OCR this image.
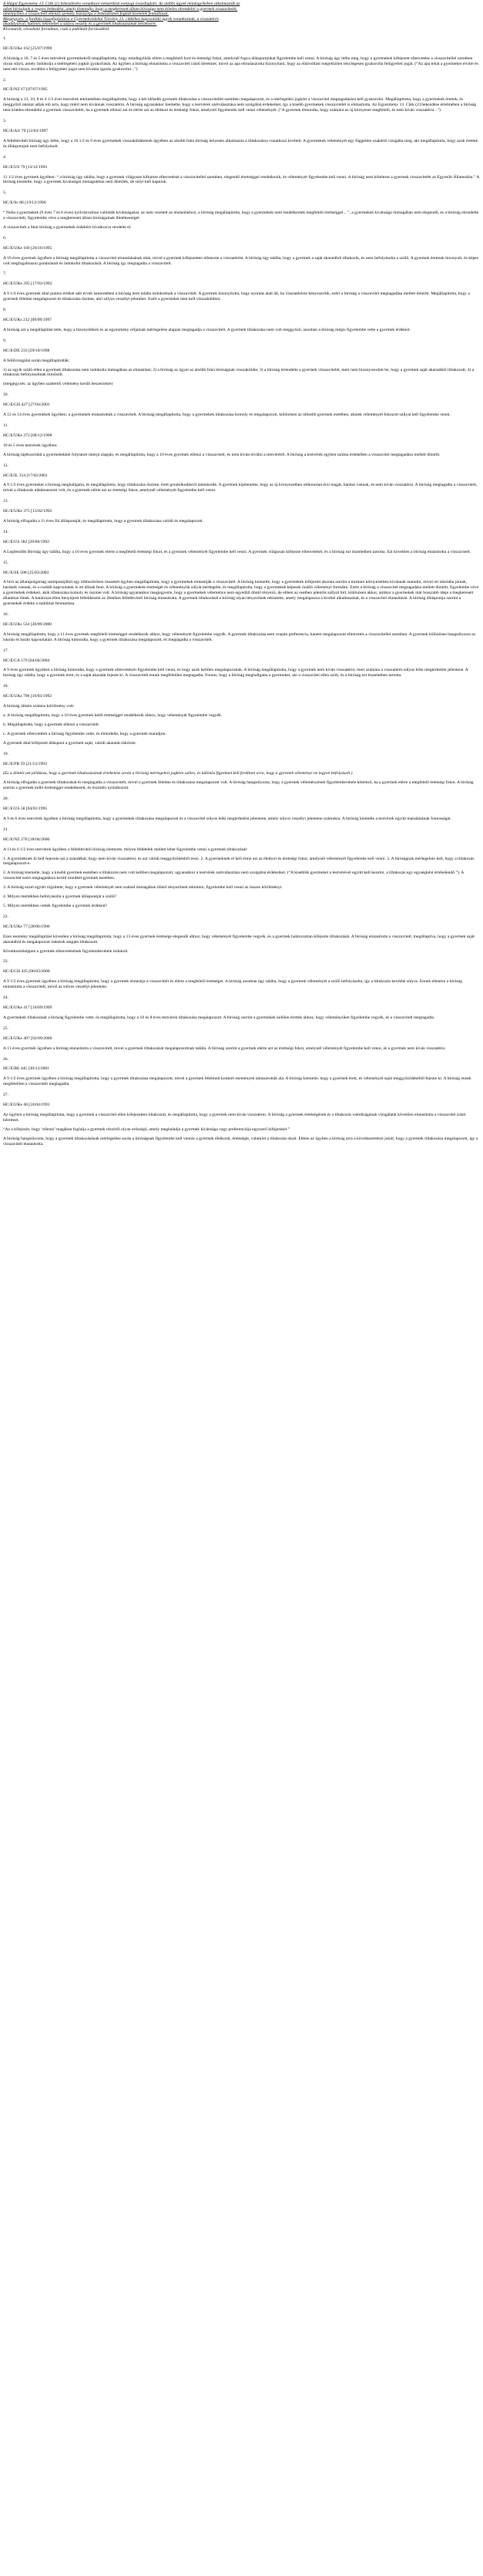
A Hágai Egyezmény 13. Cikk (1) bekezdésére vonatkozó nemzetközi esetjogi összefoglaló. Az alábbi ügyek mindegyikében alkalmazták az
adott bíróságok a vegyes bekezdést, amely kimondja, hogy a megkeresett állam bírósága nem köteles elrendelni a gyermek visszavitelét,
amennyiben a visszavitelt ellenző személy bizonyítja a bekezdésben foglalt kivételek fennállását.
Megjegyzés: a fordítás összefoglalóira a Gyermekvédelmi Törvény 13. cikkéhez kapcsolódó ügyek vonatkoznak, a visszatérés
akadályaival, különös tekintettel a súlyos veszély és a gyermek tiltakozásának kérdéseire.
Kivonatolt, olvasható formában, csak a publikált forrásokból.
1.
HC/E/UKe 162 [25/07/1990
A bíróság a 10, 7 és 5 éves testvérek gyermekekről megállapította, hogy mindegyikük elérte a megfelelő kort és érettségi fokot, amelynél fogva álláspontjukat figyelembe kell venni. A bíróság úgy ítélte meg, hogy a gyermekek kifejezett ellenvetése a visszavitellel szemben olyan súlyú, amely indokolja a mérlegelési jogkör gyakorlását. Az ügyben a bíróság elutasította a visszavitel iránti kérelmet, mivel az apa elmulasztotta bizonyítani, hogy az eltávolítást megelőzően ténylegesen gyakorolta felügyeleti jogát. (“Az apa tehát a gyermeket elvitte és nem tért vissza, továbbá a felügyeleti jogot sem kívánta igazán gyakorolni...”)
2.
HC/E/NZ 67 [07/07/1995
A bíróság a 13, 10, 8 és 4 1/2 éves testvérek tekintetében megállapította, hogy a két idősebb gyermek tiltakozása a visszavitellel szemben megalapozott, és a mérlegelési jogkört a visszavitel megtagadására kell gyakorolni. Megállapította, hogy a gyermekek érettek, és meggyőző okokat adtak elő arra, hogy miért nem kívánnak visszatérni. A bíróság ugyanakkor kiemelte, hogy a testvérek szétválasztása nem szolgálná érdekeiket, így a kisebb gyermekek visszavitelét is elutasította. Az Egyezmény 13. Cikk (2) bekezdése értelmében a bíróság nem köteles elrendelni a gyermek visszavitelét, ha a gyermek ellenzi azt és elérte azt az életkort és érettségi fokot, amelynél figyelembe kell venni véleményét. (“A gyermek elmondta, hogy számára az új környezet megfelelő, és nem kíván visszatérni...”)
3.
HC/E/AU 70 [12/03/1997
A fellebbviteli bíróság úgy ítélte, hogy a 10 1/2 és 9 éves gyermekek visszaküldésének ügyében az alsóbb fokú bíróság helyesen alkalmazta a tiltakozásra vonatkozó kivételt. A gyermekek véleményét egy független szakértő vizsgálta meg, aki megállapította, hogy azok érettek és álláspontjuk nem befolyásolt.
4.
HC/E/US 79 [13/12/1993
11 1/2 éves gyermek ügyében: “ a bíróság úgy találta, hogy a gyermek világosan kifejezte ellenvetését a visszavitellel szemben, elegendő érettséggel rendelkezik, és véleményét figyelembe kell venni. A bíróság nem kötelezte a gyermek visszavitelét az Egyesült Államokba.” A bíróság kiemelte, hogy a gyermek kívánságai önmagukban nem döntőek, de súlyt kell kapniuk.
5.
HC/E/Sc 86 [19/12/1996
“ Noha a gyermekek (9 éves 7 és 6 éves) nyilvánvalóan vallották kívánságukat, az nem vezetett az elutasításhoz, a bíróság megállapította, hogy a gyermekek nem rendelkeztek megfelelő érettséggel... ”, a gyermekek kívánsága önmagában nem elegendő, és a bíróság elrendelte a visszavitelt, figyelembe véve a megkeresett állam bíróságainak illetékességét.
A visszavitelt a Skót bíróság a gyermekek érdekére hivatkozva rendelte el.
6.
HC/E/UKe 166 [26/10/1995
A 10 éves gyermek ügyében a bíróság megállapította a visszavitel elutasításának okát, mivel a gyermek kifejezetten ellenezte a visszatérést. A bíróság úgy találta, hogy a gyermek a saját akaratából tiltakozik, és nem befolyásolta a szülő. A gyermek érettnek bizonyult, és képes volt megfogalmazni gondolatait és indokolni tiltakozását. A bíróság így megtagadta a visszavitelt.
7.
HC/E/UKe 295 [17/03/1992
A 9 1/4 éves gyermek által pontos értéket adó érvek ismeretében a bíróság nem találta indokoltnak a visszavitelt. A gyermek bizonyította, hogy nyomás alatt áll, ha visszatérésre kényszerítik, ezért a bíróság a visszavitel megtagadása mellett döntött. Megállapította, hogy a gyermek félelme megalapozott és tiltakozása őszinte, ami súlyos veszélyt jelenthet. Ezért a gyermeket nem kell visszaküldeni.
8.
HC/E/UKs 212 [09/09/1997
A bíróság azt a megállapítást tette, hogy a bizonyítékok és az egyezmény céljainak mérlegelése alapján megtagadja a visszavitelt. A gyermek tiltakozása nem volt meggyőző, azonban a bíróság mégis figyelembe vette a gyermek érdekeit.
9.
HC/E/DE 233 [29/10/1998
A felülvizsgálat során megállapították:
1) az egyik szülő ellen a gyermek tiltakozása nem indokolta önmagában az elutasítást; 2) a bíróság az ügyet az alsóbb fokú bíróságnak visszaküldte; 3) a bíróság elrendelte a gyermek visszavitelét, mert nem bizonyosodott be, hogy a gyermek saját akaratából tiltakozott; 4) a tiltakozás befolyásoltnak minősült.
(megjegyzés: az ügyben szakértői vélemény került beszerzésre)
10.
HC/E/CH 427 [27/04/2001
A 12 és 14 éves gyermekek ügyében: a gyermekek elutasították a visszavitelt. A bíróság megállapította, hogy a gyermekek tiltakozása komoly és megalapozott, különösen az idősebb gyermek esetében, akinek véleményét fokozott súllyal kell figyelembe venni.
11.
HC/E/UKe 272 [08/12/1998
10 és 5 éves testvérek ügyében:
A bíróság tájékozódott a gyermekekkel folytatott interjú alapján, és megállapította, hogy a 10 éves gyermek ellenzi a visszavitelt, és nem kíván elválni a testvérétől. A bíróság a testvérek egyben tartása érdekében a visszavitel megtagadása mellett döntött.
12.
HC/E/IL 314 [17/02/2001
A 9 1/2 éves gyermeket a bíróság meghallgatta, és megállapította, hogy tiltakozása őszinte, érett gondolkodásról tanúskodik. A gyermek kijelentette, hogy az új környezetben otthonosan érzi magát, barátai vannak, és nem kíván visszatérni. A bíróság megtagadta a visszavitelt, mivel a tiltakozás alátámasztott volt, és a gyermek elérte azt az érettségi fokot, amelynél véleményét figyelembe kell venni.
13.
HC/E/UKe 375 [15/02/1992
A bíróság elfogadta a 11 éves fiú álláspontját, és megállapította, hogy a gyermek tiltakozása valódi és megalapozott.
14.
HC/E/US 382 [29/06/1992
A Legfelsőbb Bíróság úgy találta, hogy a 10 éves gyermek elérte a megfelelő érettségi fokot, és a gyermek véleményét figyelembe kell venni. A gyermek világosan kifejezte ellenvetését, és a bíróság ezt tiszteletben tartotta. Ezt követően a bíróság elutasította a visszavitelt.
15.
HC/E/SE 508 [25/03/2003
A bíró az állampolgárság szempontjából egy többszörösen összetett ügyben megállapította, hogy a gyermekek elutasítják a visszavitelt. A bíróság kiemelte, hogy a gyermekek kifejezett akarata szerint a mostani környezetben kívánnak maradni, mivel ott iskolába járnak, barátaik vannak, és a családi kapcsolatok is ott állnak fenn. A bíróság a gyermekek érettségét és véleményük súlyát mérlegelte, és megállapította, hogy a gyermekek képesek önálló véleményt formálni. Ezért a bíróság a visszavitel megtagadása mellett döntött, figyelembe véve a gyermekek érdekeit, akik tiltakozása komoly és őszinte volt. A bíróság ugyanakkor megjegyezte, hogy a gyermekek véleménye nem egyedüli döntő tényező, de ebben az esetben jelentős súllyal bírt, különösen akkor, amikor a gyermekek már hosszabb ideje a megkeresett államban élnek. A határozat ellen benyújtott fellebbezést az illetékes fellebbviteli bíróság elutasította. A gyermek tiltakozását a bíróság olyan tényezőnek tekintette, amely megalapozza a kivétel alkalmazását, és a visszavitel elutasítását. A bíróság álláspontja szerint a gyermekek érdeke a stabilitás fenntartása.
16.
HC/E/UKs 534 [28/09/2000
A bíróság megállapította, hogy a 11 éves gyermek megfelelő érettséggel rendelkezik ahhoz, hogy véleményét figyelembe vegyék. A gyermek tiltakozása nem csupán preferencia, hanem megalapozott ellenvetés a visszavitellel szemben. A gyermek különösen hangsúlyozta az iskolai és baráti kapcsolatait. A bíróság kimondta, hogy a gyermek tiltakozása megalapozott, és megtagadta a visszavitelt.
17.
HC/E/CA 579 [04/04/2004
A 9 éves gyermek ügyében a bíróság kimondta, hogy a gyermek ellenvetéseit figyelembe kell venni, és hogy azok kellően megalapozottak. A bíróság megállapította, hogy a gyermek nem kíván visszatérni, mert számára a visszatérés súlyos lelki megterhelést jelentene. A bíróság úgy találta, hogy a gyermek érett, és a saját akaratát fejezte ki. A visszavitelt ennek megfelelően megtagadta. Fontos, hogy a bíróság meghallgatta a gyermeket, aki a visszavitel ellen szólt, és a bíróság ezt tiszteletben tartotta.
18.
HC/E/UKs 798 [19/03/1992
A bíróság ülésén számos körülmény volt:
a. A bíróság megállapította, hogy a 10 éves gyermek kellő érettséggel rendelkezik ahhoz, hogy véleményét figyelembe vegyék.
b. Megállapította, hogy a gyermek ellenzi a visszavitelt.
c. A gyermek ellenvetését a bíróság figyelembe vette, és elrendelte, hogy a gyermek maradjon.
A gyermek által kifejezett álláspont a gyermek saját, valódi akaratát tükrözte.
19.
HC/E/FR 59 [21/12/1993
(Ez a döntés azt példázza, hogy a gyermek tiltakozásának értékelése során a bíróság mérlegelési jogköre széles, és különös figyelmet kell fordítani arra, hogy a gyermek véleménye ne legyen befolyásolt.)
A bíróság elfogadta a gyermek tiltakozását és megtagadta a visszavitelt, mivel a gyermek félelme és tiltakozása megalapozott volt. A bíróság hangsúlyozta, hogy a gyermek véleményének figyelembevétele kötelező, ha a gyermek elérte a megfelelő érettségi fokot. A bíróság szerint a gyermek kellő érettséggel rendelkezett, és őszintén nyilatkozott.
20.
HC/E/US 58 [04/01/1995
A 9 és 6 éves testvérek ügyében a bíróság megállapította, hogy a gyermekek tiltakozása megalapozott és a visszavitel súlyos lelki megterhelést jelentene, amely súlyos veszélyt jelentene számukra. A bíróság kiemelte a testvérek együtt maradásának fontosságát.
21.
HC/E/NZ 270 [18/04/2000
A 11 és 6 1/2 éves testvérek ügyében a fellebbviteli bíróság elemezte, milyen feltételek mellett lehet figyelembe venni a gyermek tiltakozását:
1. A gyermeknek ki kell fejeznie azt a szándékát, hogy nem kíván visszatérni, és azt valódi meggyőződésből teszi. 2. A gyermeknek el kell érnie azt az életkort és érettségi fokot, amelynél véleményét figyelembe kell venni. 3. A bíróságnak mérlegelnie kell, hogy a tiltakozás megalapozott-e.
2. A bíróság kiemelte, hogy a kisebb gyermek esetében a tiltakozás nem volt kellően megalapozott, ugyanakkor a testvérek szétválasztása nem szolgálná érdekeiket. (“A kisebbik gyermeket a testvérével együtt kell kezelni, a tiltakozás egy egységként értékelendő.”). A visszavitel ezért megtagadásra került mindkét gyermek esetében.
3. A bíróság ezzel együtt rögzítette, hogy a gyermek véleményét nem szabad önmagában döntő tényezőnek tekinteni, figyelembe kell venni az összes körülményt.
4. Milyen mértékben befolyásolta a gyermek álláspontját a szülő?
5. Milyen mértékben vették figyelembe a gyermek érdekeit?
22.
HC/E/UKe 77 [28/06/1996
Ezen esemény megállapítást követően a bíróság megállapította, hogy a 13 éves gyermek érettsége elegendő ahhoz, hogy véleményét figyelembe vegyék, és a gyermek határozottan kifejezte tiltakozását. A bíróság elutasította a visszavitelt, megállapítva, hogy a gyermek saját akaratából és megalapozott indokok alapján tiltakozott.
Következésképpen a gyermek ellenvetésének figyelembevétele indokolt.
23.
HC/E/CH 435 [06/03/2000
A 9 1/2 éves gyermek ügyében a bíróság megállapította, hogy a gyermek elutasítja a visszavitelt és elérte a megfelelő érettséget. A bíróság azonban úgy találta, hogy a gyermek véleményét a szülő befolyásolta, így a tiltakozás kevésbé súlyos. Ennek ellenére a bíróság elutasította a visszavitelt, mivel az súlyos veszélyt jelentene.
24.
HC/E/UKe 417 [16/09/1999
A gyermekek tiltakozását a bíróság figyelembe vette, és megállapította, hogy a 10 és 8 éves testvérek tiltakozása megalapozott. A bíróság szerint a gyermekek kellően érettek ahhoz, hogy véleményüket figyelembe vegyék, és a visszavitelt megtagadta.
25.
HC/E/UKe 407 [02/09/2000
A 11 éves gyermek ügyében a bíróság elutasította a visszavitelt, mivel a gyermek tiltakozását megalapozottnak találta. A bíróság szerint a gyermek elérte azt az érettségi fokot, amelynél véleményét figyelembe kell venni, és a gyermek nem kíván visszatérni.
26.
HC/E/BE 445 [30/12/2001
A 9 1/2 éves gyermek ügyében a bíróság megállapította, hogy a gyermek tiltakozása megalapozott, mivel a gyermek félelmeit konkrét események támasztották alá. A bíróság kiemelte, hogy a gyermek érett, és véleményét saját meggyőződéséből fejezte ki. A bíróság ennek megfelelően a visszavitelt megtagadta.
27.
HC/E/UKe 40 [24/04/1991
Az ügyben a bíróság megállapította, hogy a gyermek a visszavitel ellen kifejezetten tiltakozott, és megállapította, hogy a gyermek nem kíván visszatérni. A bíróság a gyermek érettségének és a tiltakozás valódiságának vizsgálatát követően elutasította a visszavitel iránti kérelmet.
“Az a kifejezés, hogy ‘ellenzi’ magában foglalja a gyermek részéről olyan erősségű, amely meghaladja a gyermek kívánsága vagy preferenciája egyszerű kifejezését.”
A bíróság hangsúlyozta, hogy a gyermek tiltakozásának mérlegelése során a bíróságnak figyelembe kell vennie a gyermek életkorát, érettségét, valamint a tiltakozás okait. Ebben az ügyben a bíróság arra a következtetésre jutott, hogy a gyermek tiltakozása megalapozott, így a visszavitelt elutasította.
